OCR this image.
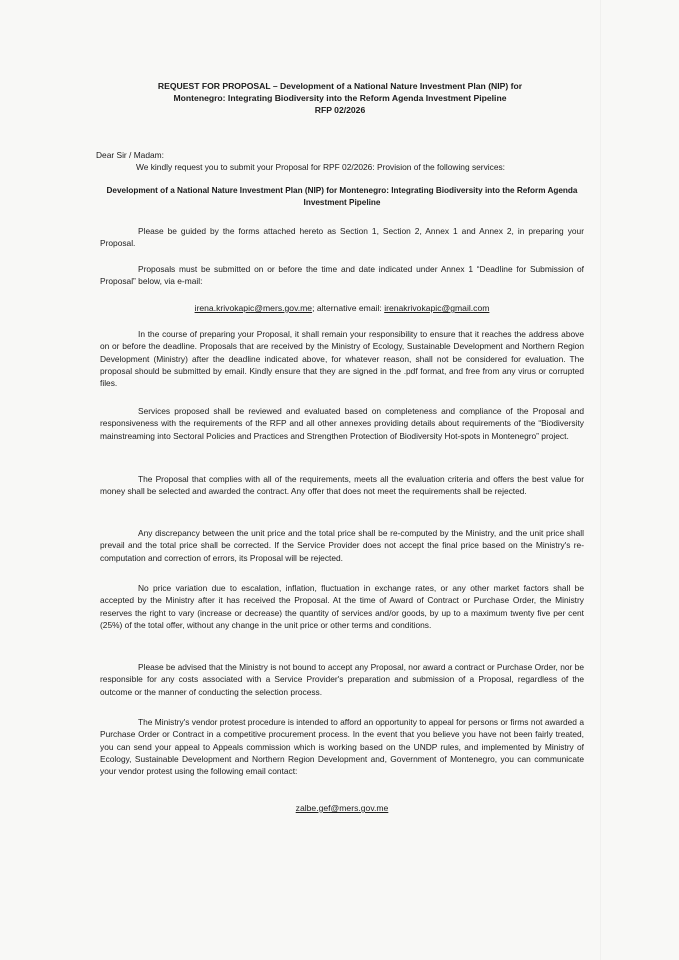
REQUEST FOR PROPOSAL – Development of a National Nature Investment Plan (NIP) for
Montenegro: Integrating Biodiversity into the Reform Agenda Investment Pipeline
RFP 02/2026
Dear Sir / Madam:
We kindly request you to submit your Proposal for RPF 02/2026: Provision of the following services:
Development of a National Nature Investment Plan (NIP) for Montenegro: Integrating Biodiversity into the Reform Agenda Investment Pipeline
Please be guided by the forms attached hereto as Section 1, Section 2, Annex 1 and Annex 2, in preparing your Proposal.
Proposals must be submitted on or before the time and date indicated under Annex 1 “Deadline for Submission of Proposal” below, via e-mail:
irena.krivokapic@mers.gov.me; alternative email: irenakrivokapic@gmail.com
In the course of preparing your Proposal, it shall remain your responsibility to ensure that it reaches the address above on or before the deadline. Proposals that are received by the Ministry of Ecology, Sustainable Development and Northern Region Development (Ministry) after the deadline indicated above, for whatever reason, shall not be considered for evaluation. The proposal should be submitted by email. Kindly ensure that they are signed in the .pdf format, and free from any virus or corrupted files.
Services proposed shall be reviewed and evaluated based on completeness and compliance of the Proposal and responsiveness with the requirements of the RFP and all other annexes providing details about requirements of the “Biodiversity mainstreaming into Sectoral Policies and Practices and Strengthen Protection of Biodiversity Hot-spots in Montenegro” project.
The Proposal that complies with all of the requirements, meets all the evaluation criteria and offers the best value for money shall be selected and awarded the contract. Any offer that does not meet the requirements shall be rejected.
Any discrepancy between the unit price and the total price shall be re-computed by the Ministry, and the unit price shall prevail and the total price shall be corrected. If the Service Provider does not accept the final price based on the Ministry's re-computation and correction of errors, its Proposal will be rejected.
No price variation due to escalation, inflation, fluctuation in exchange rates, or any other market factors shall be accepted by the Ministry after it has received the Proposal. At the time of Award of Contract or Purchase Order, the Ministry reserves the right to vary (increase or decrease) the quantity of services and/or goods, by up to a maximum twenty five per cent (25%) of the total offer, without any change in the unit price or other terms and conditions.
Please be advised that the Ministry is not bound to accept any Proposal, nor award a contract or Purchase Order, nor be responsible for any costs associated with a Service Provider's preparation and submission of a Proposal, regardless of the outcome or the manner of conducting the selection process.
The Ministry's vendor protest procedure is intended to afford an opportunity to appeal for persons or firms not awarded a Purchase Order or Contract in a competitive procurement process. In the event that you believe you have not been fairly treated, you can send your appeal to Appeals commission which is working based on the UNDP rules, and implemented by Ministry of Ecology, Sustainable Development and Northern Region Development and, Government of Montenegro, you can communicate your vendor protest using the following email contact:
zalbe.gef@mers.gov.me
